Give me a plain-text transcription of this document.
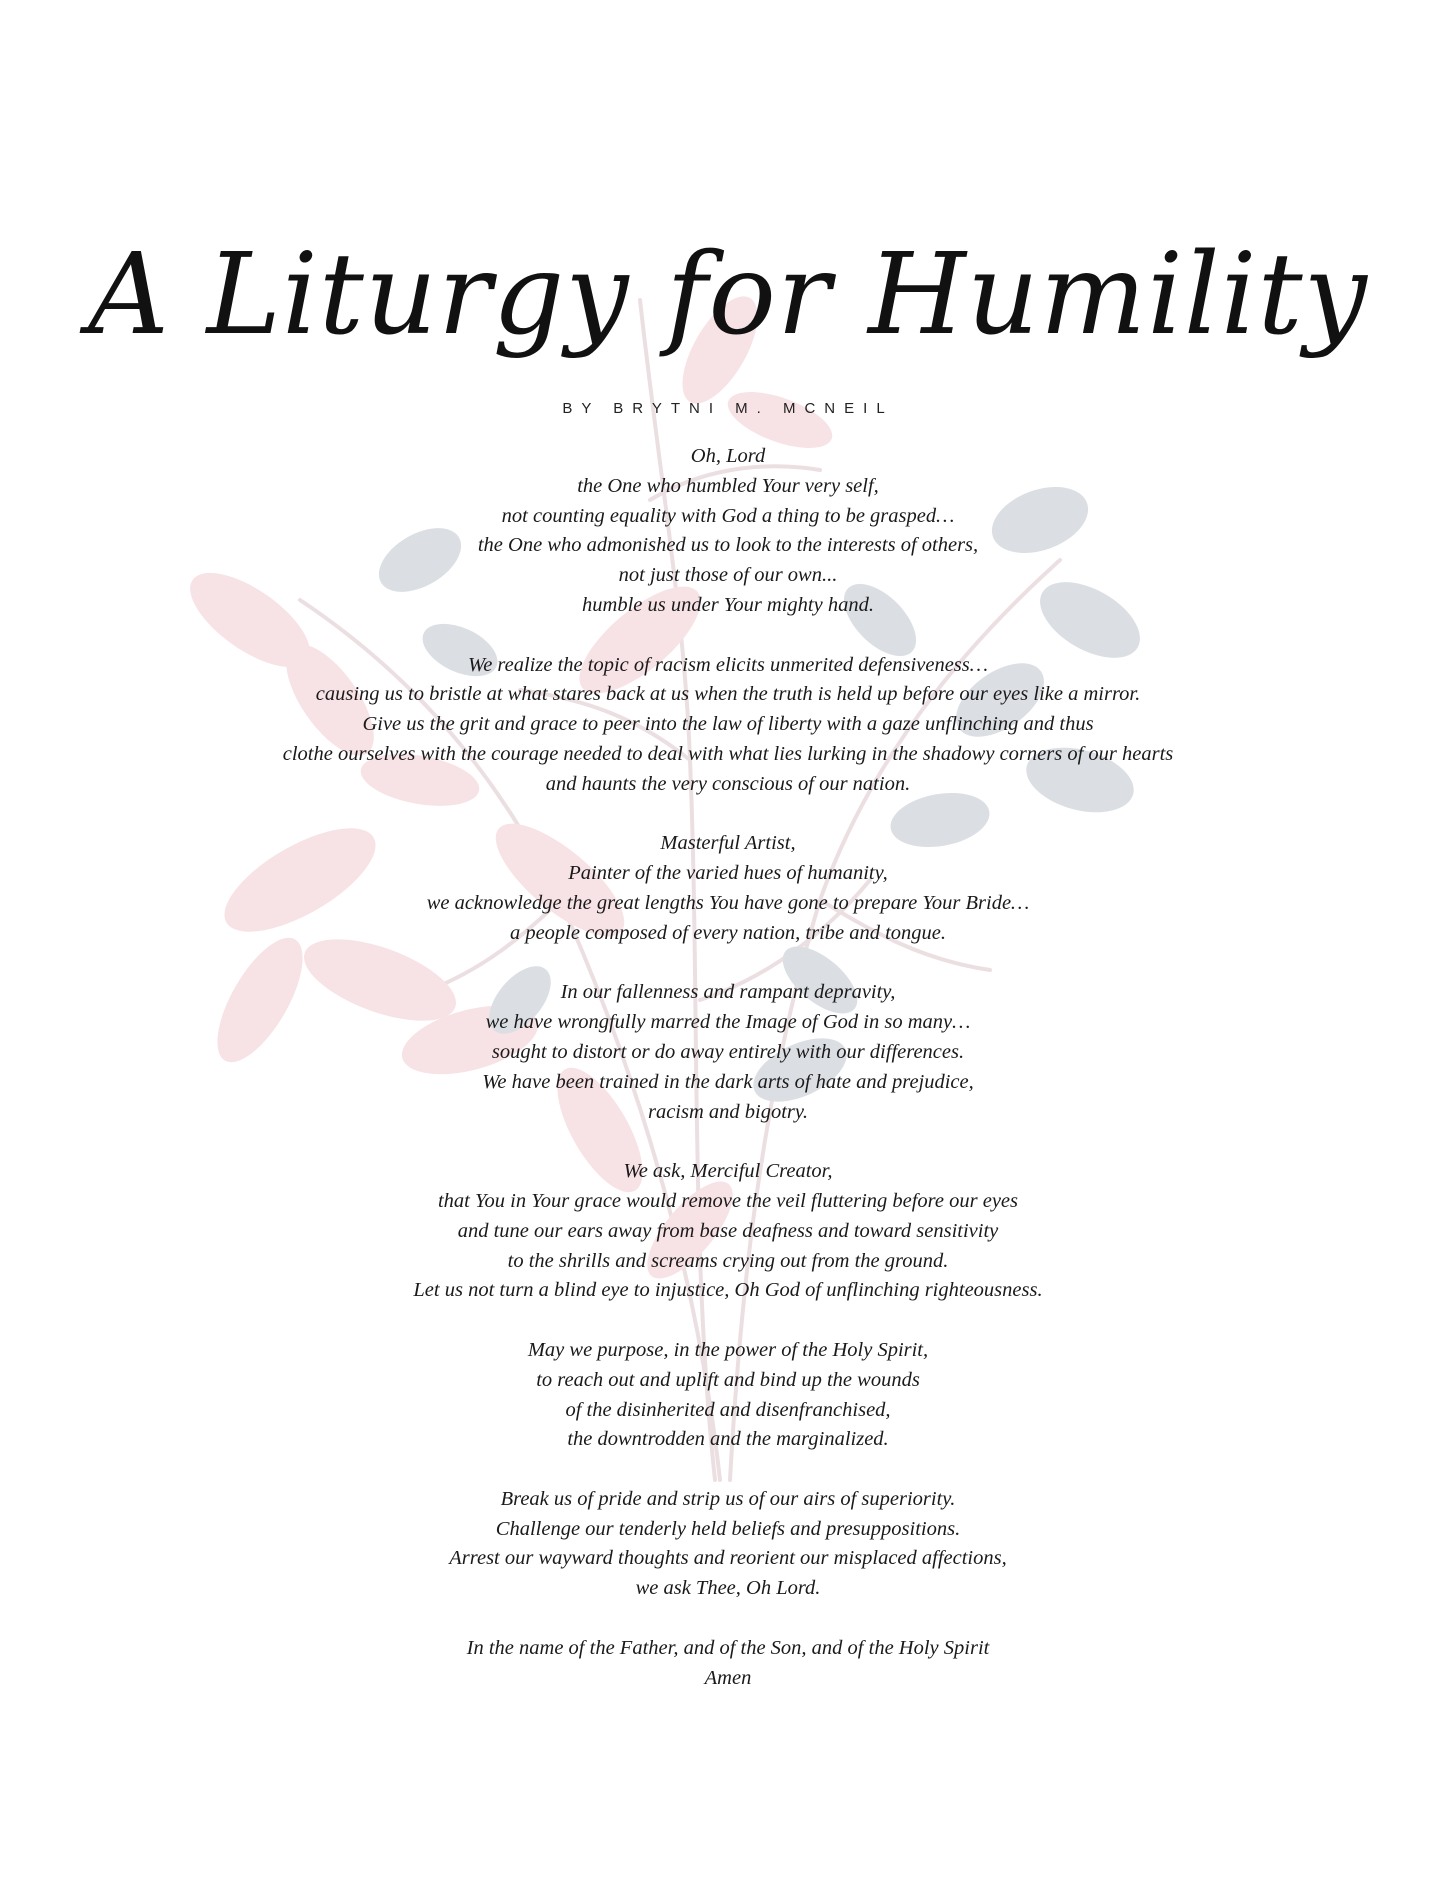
A Liturgy for Humility
BY BRYTNI M. MCNEIL
Oh, Lord
the One who humbled Your very self,
not counting equality with God a thing to be grasped…
the One who admonished us to look to the interests of others,
not just those of our own...
humble us under Your mighty hand.
We realize the topic of racism elicits unmerited defensiveness…
causing us to bristle at what stares back at us when the truth is held up before our eyes like a mirror.
Give us the grit and grace to peer into the law of liberty with a gaze unflinching and thus
clothe ourselves with the courage needed to deal with what lies lurking in the shadowy corners of our hearts
and haunts the very conscious of our nation.
Masterful Artist,
Painter of the varied hues of humanity,
we acknowledge the great lengths You have gone to prepare Your Bride…
a people composed of every nation, tribe and tongue.
In our fallenness and rampant depravity,
we have wrongfully marred the Image of God in so many…
sought to distort or do away entirely with our differences.
We have been trained in the dark arts of hate and prejudice,
racism and bigotry.
We ask, Merciful Creator,
that You in Your grace would remove the veil fluttering before our eyes
and tune our ears away from base deafness and toward sensitivity
to the shrills and screams crying out from the ground.
Let us not turn a blind eye to injustice, Oh God of unflinching righteousness.
May we purpose, in the power of the Holy Spirit,
to reach out and uplift and bind up the wounds
of the disinherited and disenfranchised,
the downtrodden and the marginalized.
Break us of pride and strip us of our airs of superiority.
Challenge our tenderly held beliefs and presuppositions.
Arrest our wayward thoughts and reorient our misplaced affections,
we ask Thee, Oh Lord.
In the name of the Father, and of the Son, and of the Holy Spirit
Amen
